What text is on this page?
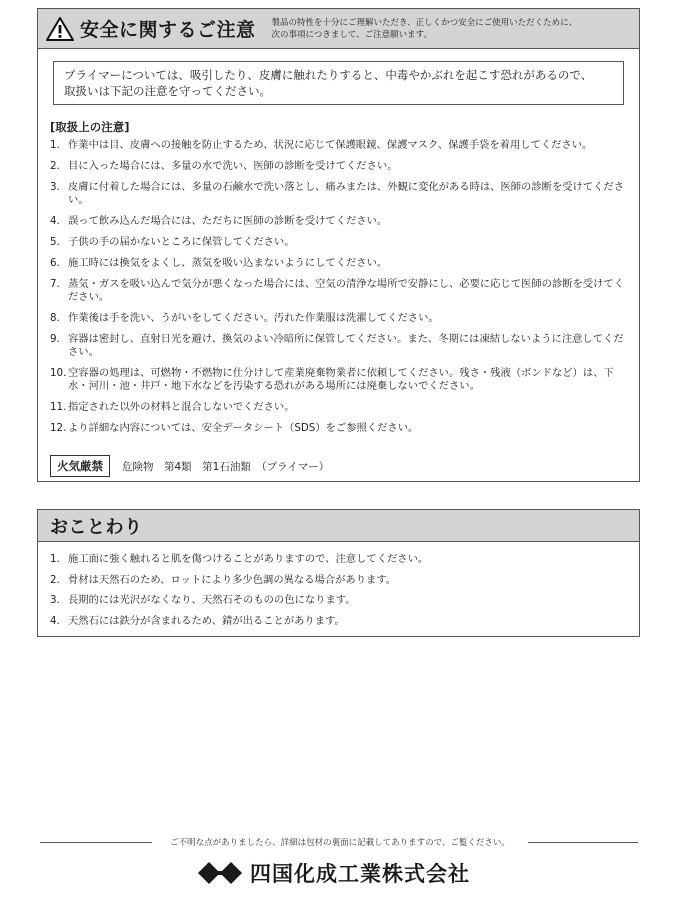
安全に関するご注意 製品の特性を十分にご理解いただき、正しくかつ安全にご使用いただくために、
次の事項につきまして、ご注意願います。
プライマーについては、吸引したり、皮膚に触れたりすると、中毒やかぶれを起こす恐れがあるので、
取扱いは下記の注意を守ってください。
[取扱上の注意]
1. 作業中は目、皮膚への接触を防止するため、状況に応じて保護眼鏡、保護マスク、保護手袋を着用してください。
2. 目に入った場合には、多量の水で洗い、医師の診断を受けてください。
3. 皮膚に付着した場合には、多量の石鹸水で洗い落とし、痛みまたは、外観に変化がある時は、医師の診断を受けてください。
4. 誤って飲み込んだ場合には、ただちに医師の診断を受けてください。
5. 子供の手の届かないところに保管してください。
6. 施工時には換気をよくし、蒸気を吸い込まないようにしてください。
7. 蒸気・ガスを吸い込んで気分が悪くなった場合には、空気の清浄な場所で安静にし、必要に応じて医師の診断を受けてください。
8. 作業後は手を洗い、うがいをしてください。汚れた作業服は洗濯してください。
9. 容器は密封し、直射日光を避け、換気のよい冷暗所に保管してください。また、冬期には凍結しないように注意してください。
10. 空容器の処理は、可燃物・不燃物に仕分けして産業廃棄物業者に依頼してください。残さ・残液（ボンドなど）は、下水・河川・池・井戸・地下水などを汚染する恐れがある場所には廃棄しないでください。
11. 指定された以外の材料と混合しないでください。
12. より詳細な内容については、安全データシート（SDS）をご参照ください。
火気厳禁	危険物　第4類　第1石油類　（プライマー）
おことわり
1. 施工面に強く触れると肌を傷つけることがありますので、注意してください。
2. 骨材は天然石のため、ロットにより多少色調の異なる場合があります。
3. 長期的には光沢がなくなり、天然石そのものの色になります。
4. 天然石には鉄分が含まれるため、錆が出ることがあります。
ご不明な点がありましたら、詳細は包材の裏面に記載してありますので、ご覧ください。
四国化成工業株式会社
